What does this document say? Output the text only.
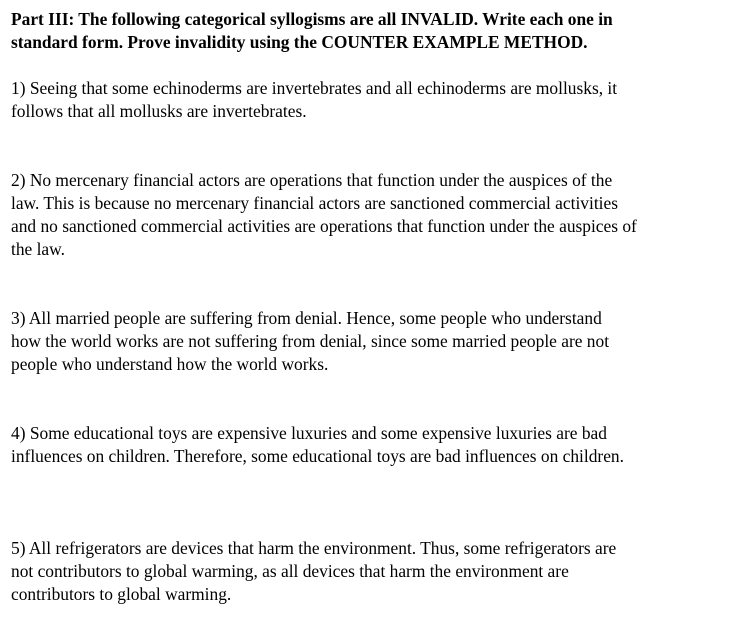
Part III: The following categorical syllogisms are all INVALID. Write each one in
standard form. Prove invalidity using the COUNTER EXAMPLE METHOD.

1) Seeing that some echinoderms are invertebrates and all echinoderms are mollusks, it
follows that all mollusks are invertebrates.

2) No mercenary financial actors are operations that function under the auspices of the
law. This is because no mercenary financial actors are sanctioned commercial activities
and no sanctioned commercial activities are operations that function under the auspices of
the law.

3) All married people are suffering from denial. Hence, some people who understand
how the world works are not suffering from denial, since some married people are not
people who understand how the world works.

4) Some educational toys are expensive luxuries and some expensive luxuries are bad
influences on children. Therefore, some educational toys are bad influences on children.

5) All refrigerators are devices that harm the environment. Thus, some refrigerators are
not contributors to global warming, as all devices that harm the environment are
contributors to global warming.
